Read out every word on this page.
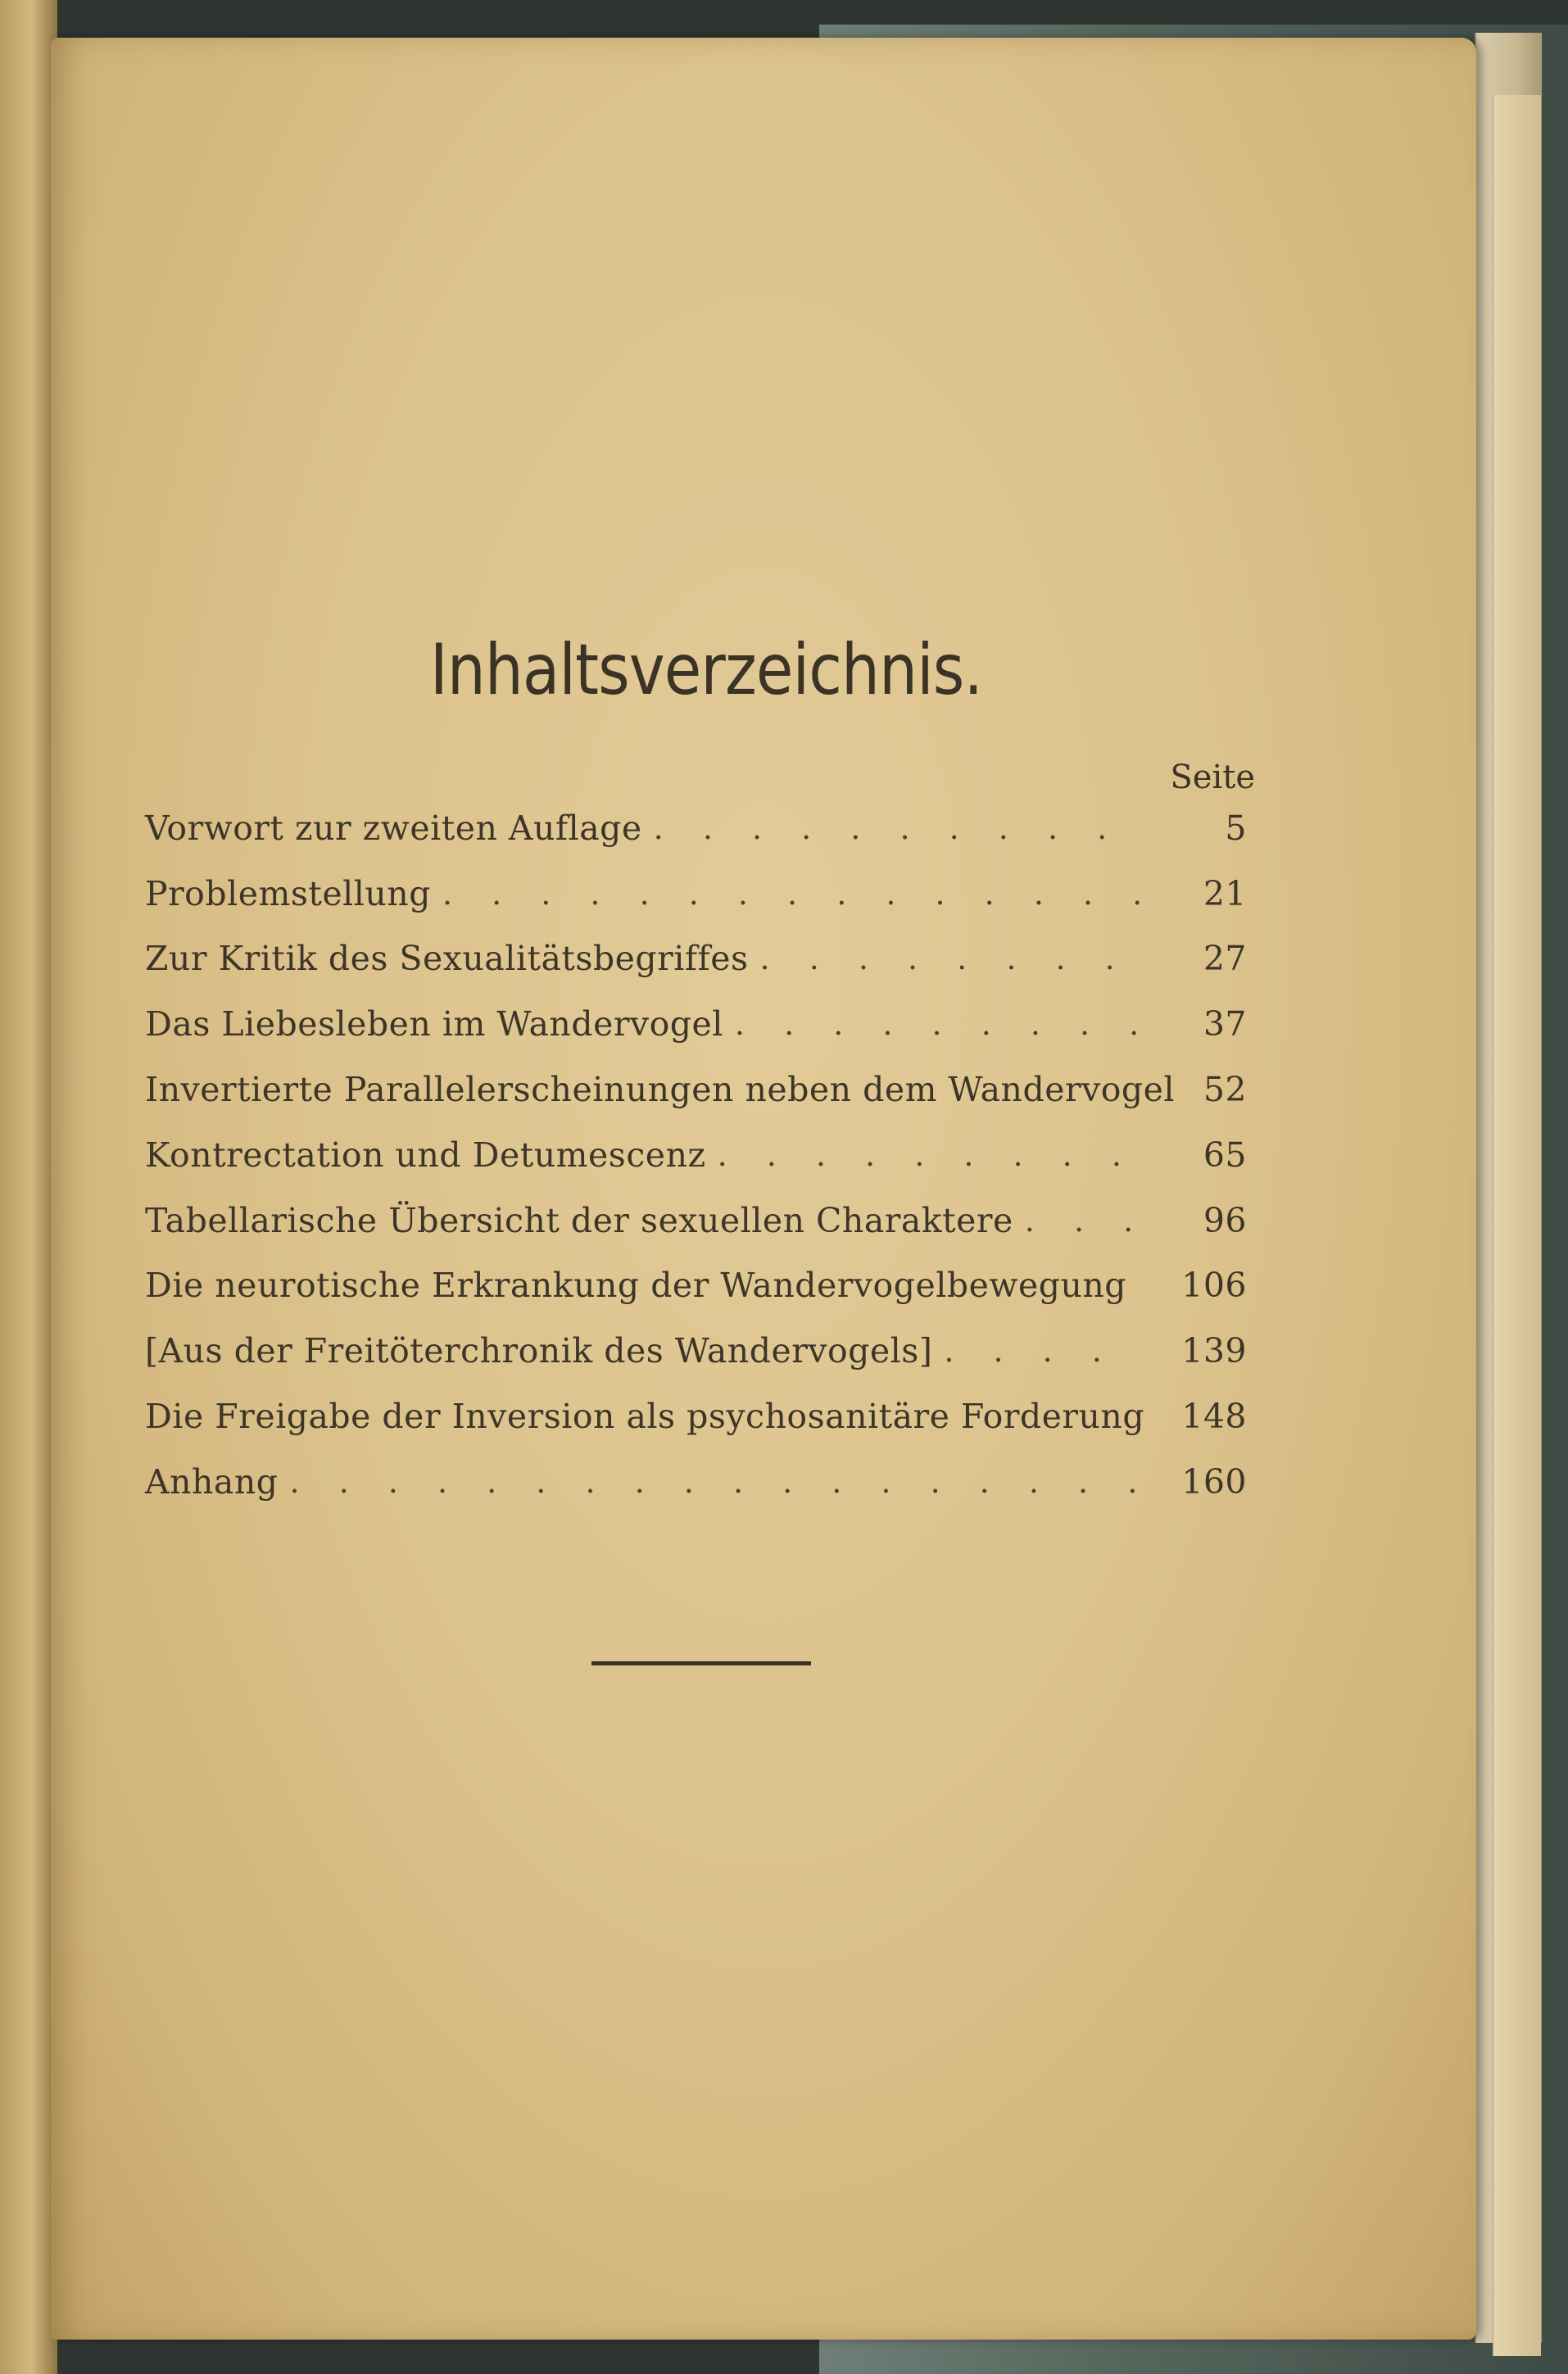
Inhaltsverzeichnis.
Seite
Vorwort zur zweiten Auflage . . .	5
Problemstellung . . .	21
Zur Kritik des Sexualitätsbegriffes . . .	27
Das Liebesleben im Wandervogel . . .	37
Invertierte Parallelerscheinungen neben dem Wandervogel 52
Kontrectation und Detumescenz . . .	65
Tabellarische Übersicht der sexuellen Charaktere . . .	96
Die neurotische Erkrankung der Wandervogelbewegung . . .	106
[Aus der Freitöterchronik des Wandervogels] . . .	139
Die Freigabe der Inversion als psychosanitäre Forderung	148
Anhang . . .	160
